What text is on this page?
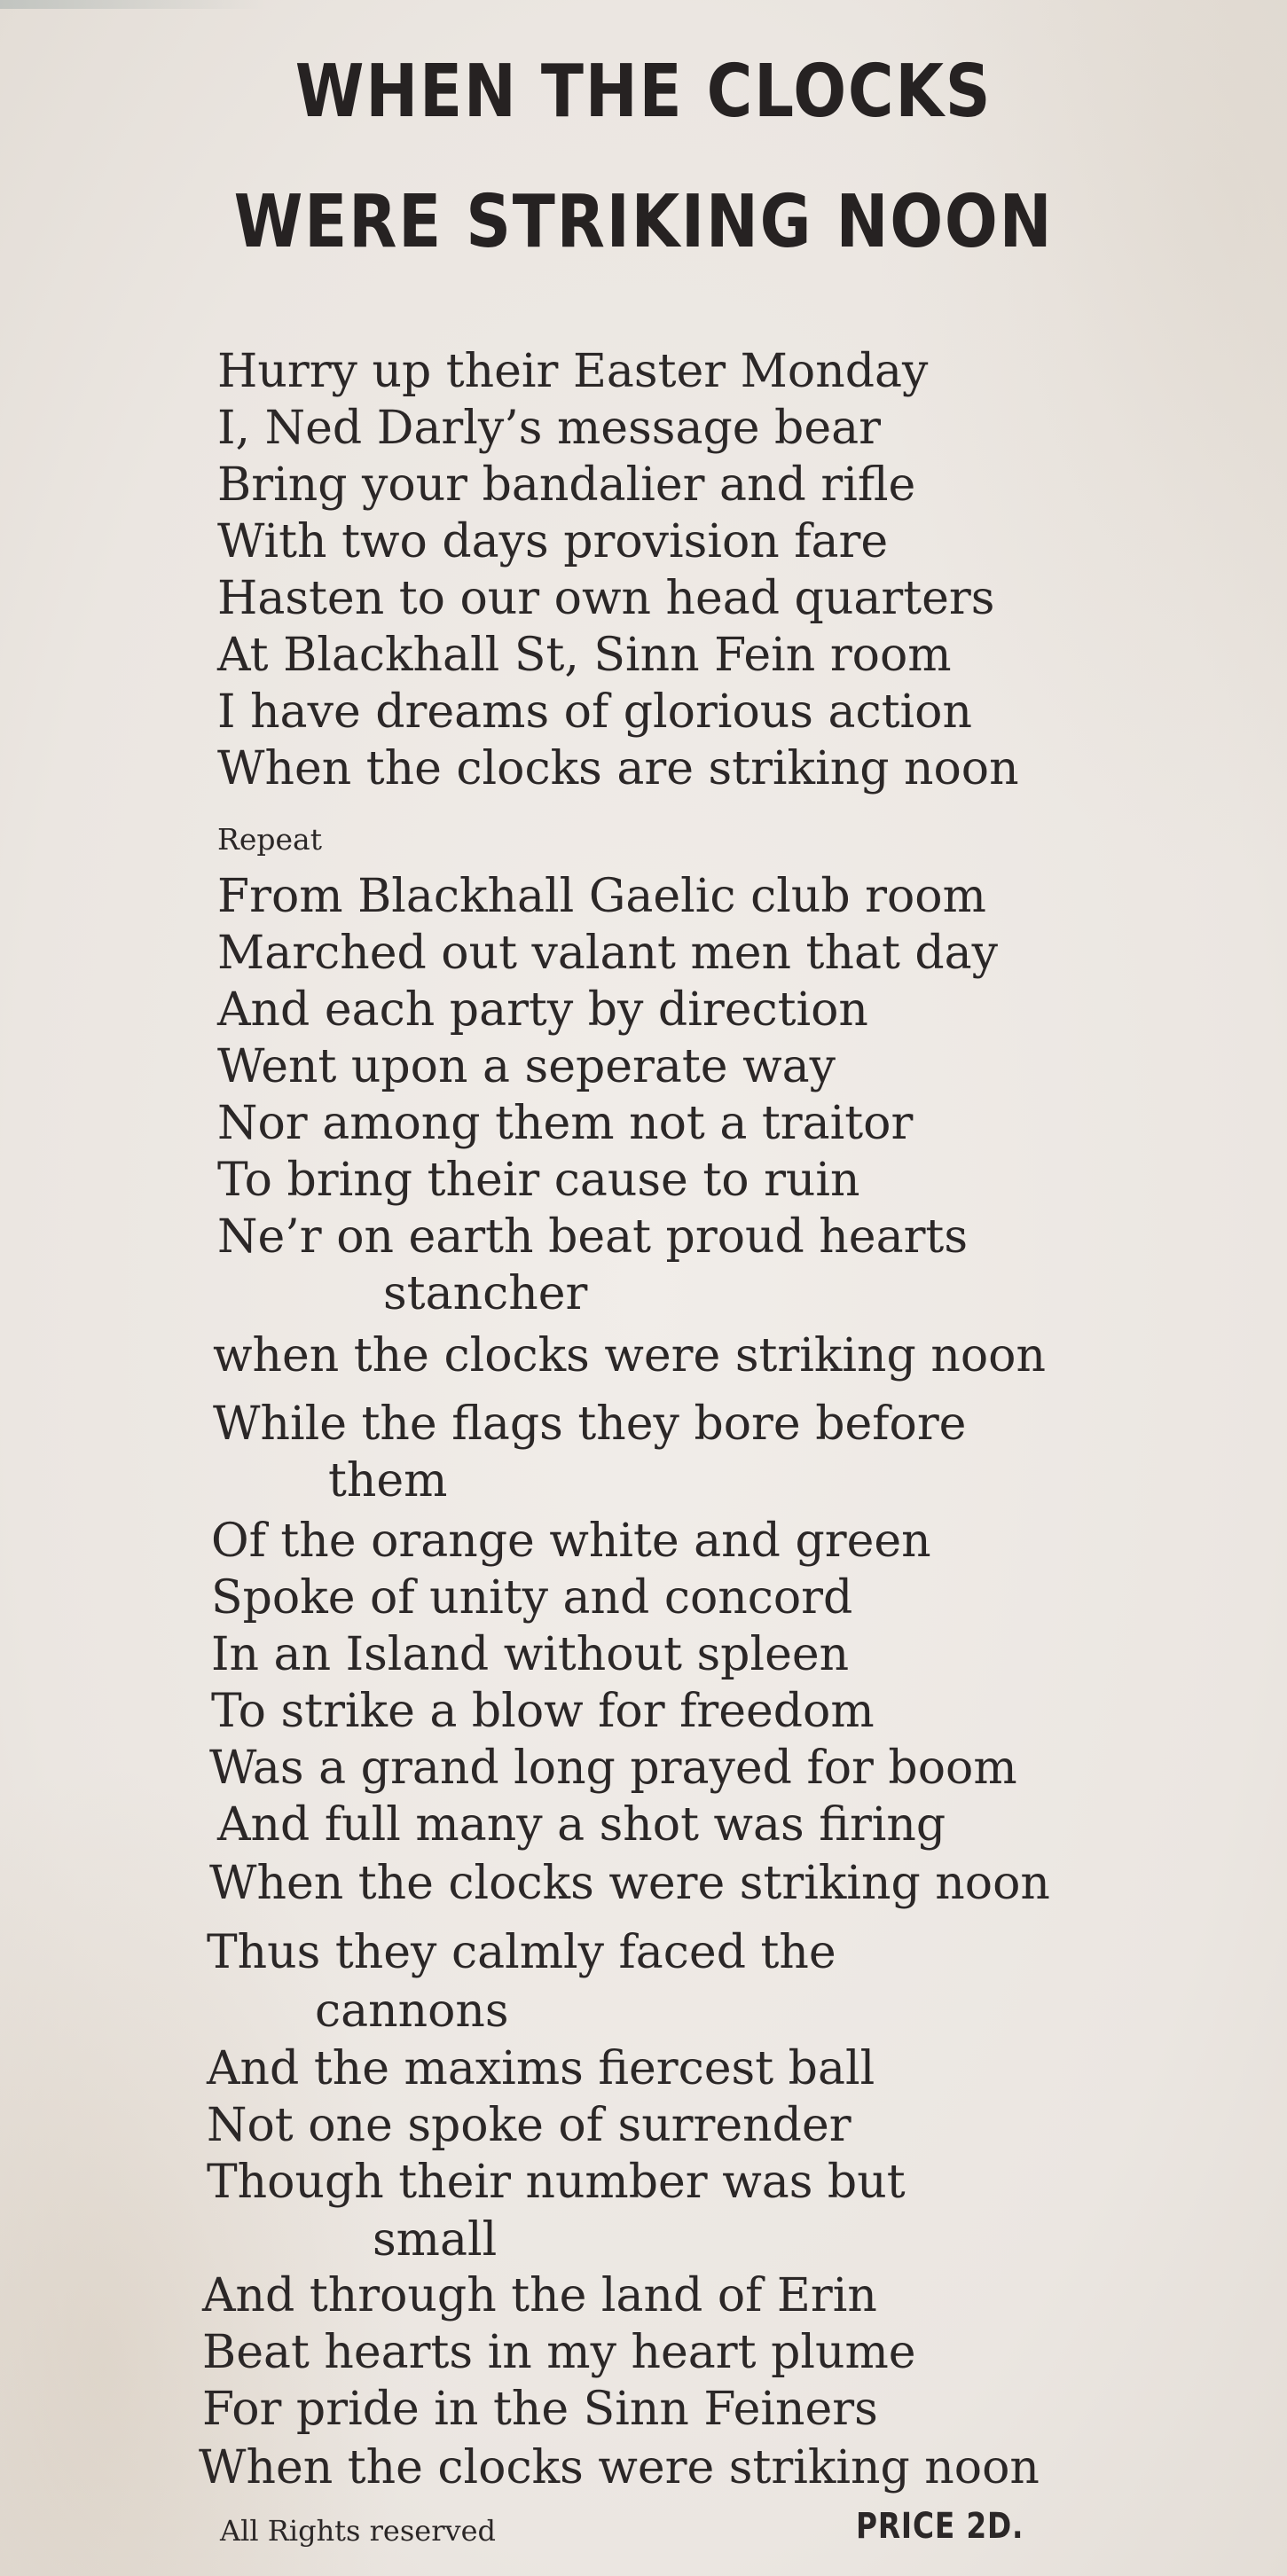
WHEN THE CLOCKS
WERE STRIKING NOON
Hurry up their Easter Monday
I, Ned Darly’s message bear
Bring your bandalier and rifle
With two days provision fare
Hasten to our own head quarters
At Blackhall St, Sinn Fein room
I have dreams of glorious action
When the clocks are striking noon
Repeat
From Blackhall Gaelic club room
Marched out valant men that day
And each party by direction
Went upon a seperate way
Nor among them not a traitor
To bring their cause to ruin
Ne’r on earth beat proud hearts
stancher
when the clocks were striking noon
While the flags they bore before
them
Of the orange white and green
Spoke of unity and concord
In an Island without spleen
To strike a blow for freedom
Was a grand long prayed for boom
And full many a shot was firing
When the clocks were striking noon
Thus they calmly faced the
cannons
And the maxims fiercest ball
Not one spoke of surrender
Though their number was but
small
And through the land of Erin
Beat hearts in my heart plume
For pride in the Sinn Feiners
When the clocks were striking noon
All Rights reserved	PRICE 2D.
